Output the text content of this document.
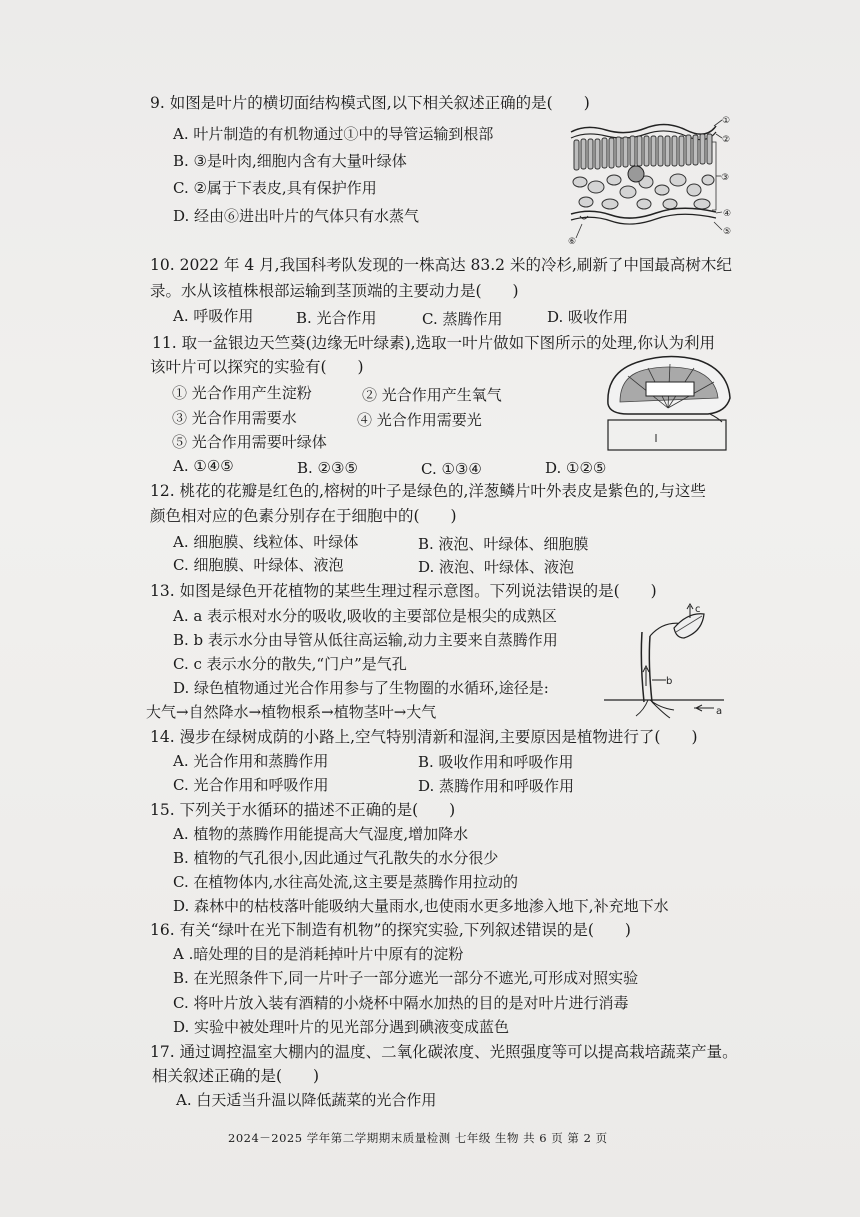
9. 如图是叶片的横切面结构模式图,以下相关叙述正确的是(　　)
A. 叶片制造的有机物通过①中的导管运输到根部
B. ③是叶肉,细胞内含有大量叶绿体
C. ②属于下表皮,具有保护作用
D. 经由⑥进出叶片的气体只有水蒸气
①
②
③
④
⑤
⑥
10. 2022 年 4 月,我国科考队发现的一株高达 83.2 米的冷杉,刷新了中国最高树木纪
录。水从该植株根部运输到茎顶端的主要动力是(　　)
A. 呼吸作用	B. 光合作用	C. 蒸腾作用	D. 吸收作用
11. 取一盆银边天竺葵(边缘无叶绿素),选取一叶片做如下图所示的处理,你认为利用
该叶片可以探究的实验有(　　)
① 光合作用产生淀粉	② 光合作用产生氧气
③ 光合作用需要水	④ 光合作用需要光
⑤ 光合作用需要叶绿体
A. ①④⑤	B. ②③⑤	C. ①③④	D. ①②⑤
12. 桃花的花瓣是红色的,榕树的叶子是绿色的,洋葱鳞片叶外表皮是紫色的,与这些
颜色相对应的色素分别存在于细胞中的(　　)
A. 细胞膜、线粒体、叶绿体	B. 液泡、叶绿体、细胞膜
C. 细胞膜、叶绿体、液泡	D. 液泡、叶绿体、液泡
13. 如图是绿色开花植物的某些生理过程示意图。下列说法错误的是(　　)
A. a 表示根对水分的吸收,吸收的主要部位是根尖的成熟区
B. b 表示水分由导管从低往高运输,动力主要来自蒸腾作用
C. c 表示水分的散失,“门户”是气孔
D. 绿色植物通过光合作用参与了生物圈的水循环,途径是:
大气→自然降水→植物根系→植物茎叶→大气
c
b
a
14. 漫步在绿树成荫的小路上,空气特别清新和湿润,主要原因是植物进行了(　　)
A. 光合作用和蒸腾作用	B. 吸收作用和呼吸作用
C. 光合作用和呼吸作用	D. 蒸腾作用和呼吸作用
15. 下列关于水循环的描述不正确的是(　　)
A. 植物的蒸腾作用能提高大气湿度,增加降水
B. 植物的气孔很小,因此通过气孔散失的水分很少
C. 在植物体内,水往高处流,这主要是蒸腾作用拉动的
D. 森林中的枯枝落叶能吸纳大量雨水,也使雨水更多地渗入地下,补充地下水
16. 有关“绿叶在光下制造有机物”的探究实验,下列叙述错误的是(　　)
A .暗处理的目的是消耗掉叶片中原有的淀粉
B. 在光照条件下,同一片叶子一部分遮光一部分不遮光,可形成对照实验
C. 将叶片放入装有酒精的小烧杯中隔水加热的目的是对叶片进行消毒
D. 实验中被处理叶片的见光部分遇到碘液变成蓝色
17. 通过调控温室大棚内的温度、二氧化碳浓度、光照强度等可以提高栽培蔬菜产量。
相关叙述正确的是(　　)
A. 白天适当升温以降低蔬菜的光合作用
2024－2025 学年第二学期期末质量检测 七年级 生物 共 6 页 第 2 页
